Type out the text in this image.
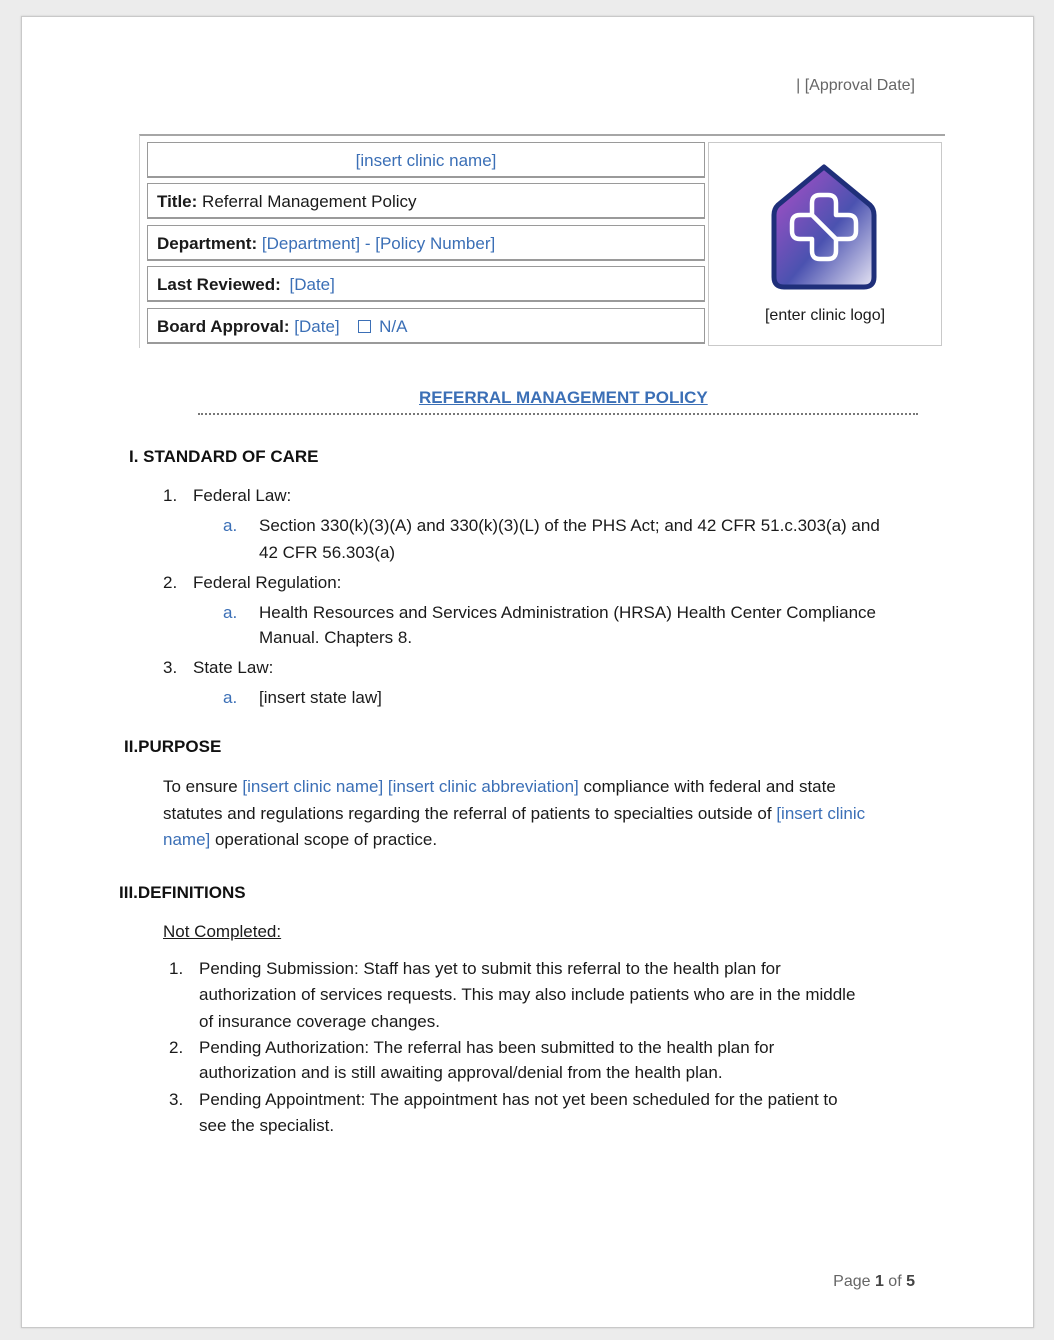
| [Approval Date]
[insert clinic name]
Title: Referral Management Policy
Department: [Department] - [Policy Number]
Last Reviewed: [Date]
Board Approval: [Date] N/A
[enter clinic logo]
REFERRAL MANAGEMENT POLICY
I. STANDARD OF CARE
1. Federal Law:
a. Section 330(k)(3)(A) and 330(k)(3)(L) of the PHS Act; and 42 CFR 51.c.303(a) and
42 CFR 56.303(a)
2. Federal Regulation:
a. Health Resources and Services Administration (HRSA) Health Center Compliance
Manual. Chapters 8.
3. State Law:
a. [insert state law]
II.PURPOSE
To ensure [insert clinic name] [insert clinic abbreviation] compliance with federal and state statutes and regulations regarding the referral of patients to specialties outside of [insert clinic name] operational scope of practice.
III.DEFINITIONS
Not Completed:
1. Pending Submission: Staff has yet to submit this referral to the health plan for
authorization of services requests. This may also include patients who are in the middle
of insurance coverage changes.
2. Pending Authorization: The referral has been submitted to the health plan for
authorization and is still awaiting approval/denial from the health plan.
3. Pending Appointment: The appointment has not yet been scheduled for the patient to
see the specialist.
Page 1 of 5
